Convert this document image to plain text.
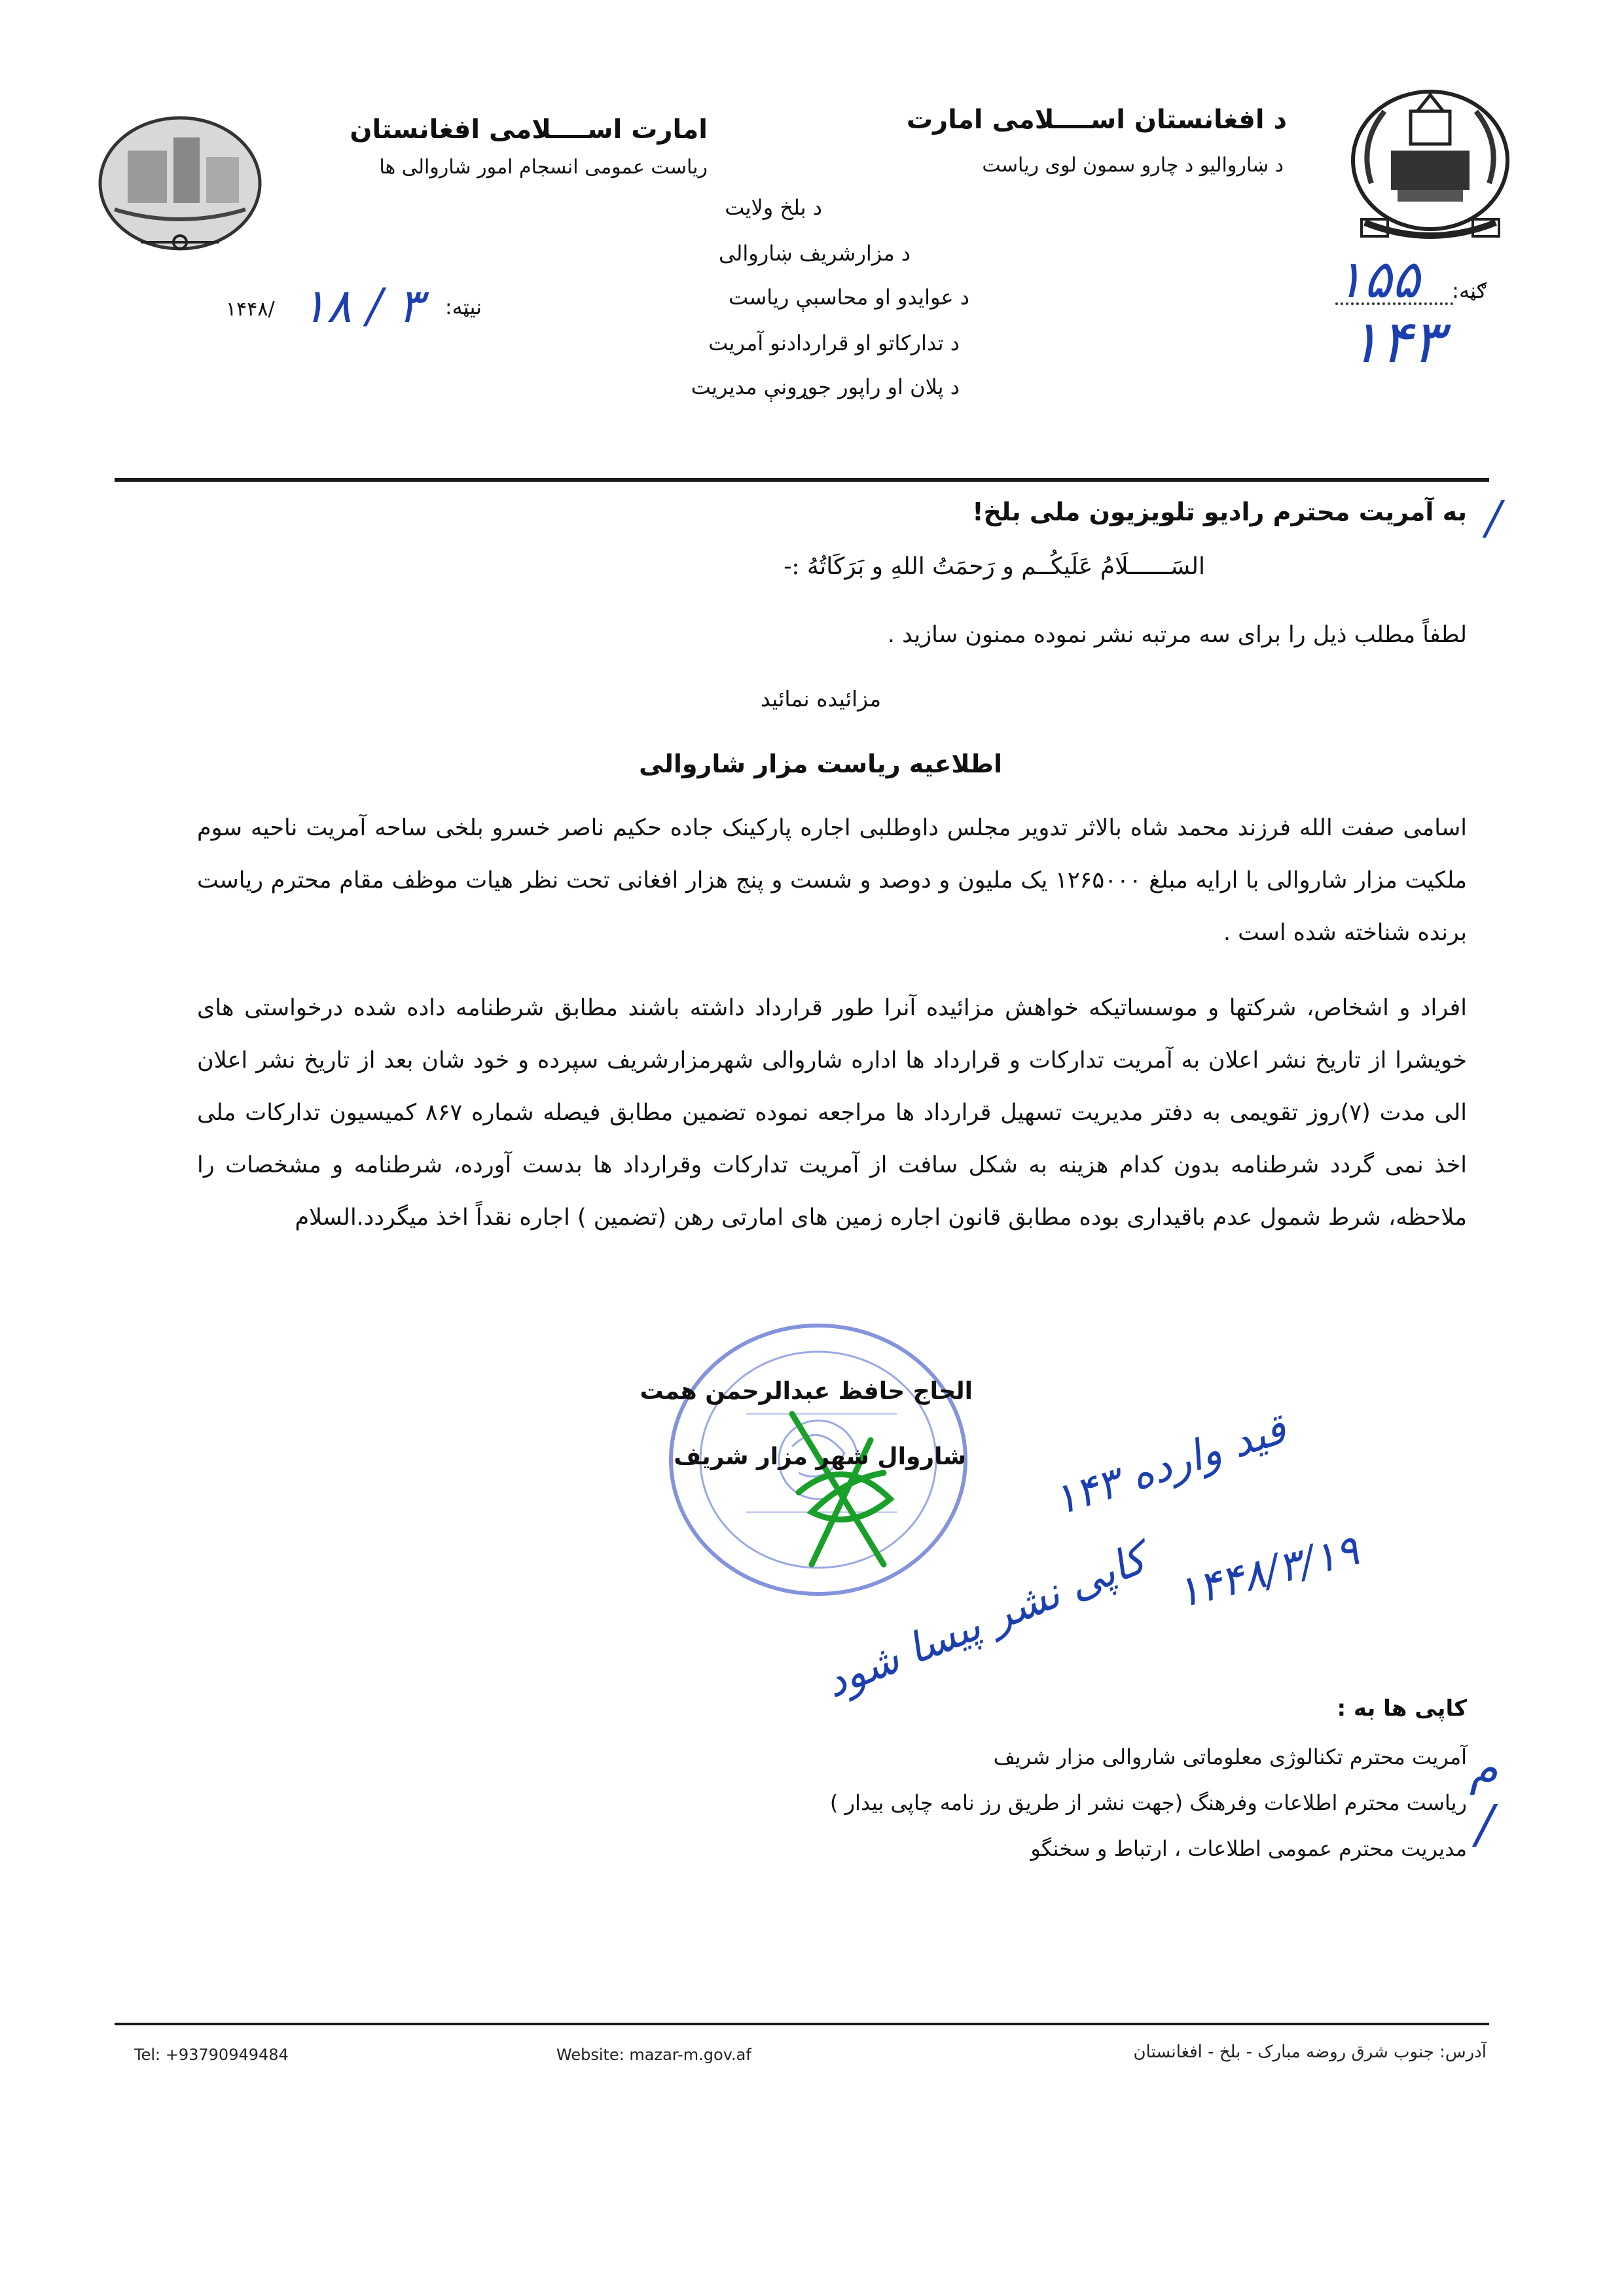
د افغانستان اســــلامی امارت
د ښاروالیو د چارو سمون لوی ریاست
امارت اســــلامی افغانستان
ریاست عمومی انسجام امور شاروالی ها
د بلخ ولایت
د مزارشریف ښاروالی
د عوایدو او محاسبې ریاست
د تدارکاتو او قراردادنو آمریت
د پلان او راپور جوړونې مدیریت
ګڼه:
۱۵۵
۱۴۳
نیټه:
۱۸ / ۳
۱۴۴۸/
/
به آمریت محترم رادیو تلویزیون ملی بلخ!
السَــــــلَامُ عَلَیکُــم و رَحمَتُ اللهِ و بَرَکَاتُهُ :-
لطفاً مطلب ذیل را برای سه مرتبه نشر نموده ممنون سازید .
مزائیده نمائید
اطلاعیه ریاست مزار شاروالی
اسامی صفت الله فرزند محمد شاه بالاثر تدویر مجلس داوطلبی اجاره پارکینک جاده حکیم ناصر خسرو بلخی ساحه آمریت ناحیه سوم ملکیت مزار شاروالی با ارایه مبلغ ۱۲۶۵۰۰۰ یک ملیون و دوصد و شست و پنج هزار افغانی تحت نظر هیات موظف مقام محترم ریاست برنده شناخته شده است .
افراد و اشخاص، شرکتها و موسساتیکه خواهش مزائیده آنرا طور قرارداد داشته باشند مطابق شرطنامه داده شده درخواستی های خویشرا از تاریخ نشر اعلان به آمریت تدارکات و قرارداد ها اداره شاروالی شهرمزارشریف سپرده و خود شان بعد از تاریخ نشر اعلان الی مدت (۷)روز تقویمی به دفتر مدیریت تسهیل قرارداد ها مراجعه نموده تضمین مطابق فیصله شماره ۸۶۷ کمیسیون تدارکات ملی اخذ نمی گردد شرطنامه بدون کدام هزینه به شکل سافت از آمریت تدارکات وقرارداد ها بدست آورده، شرطنامه و مشخصات را ملاحظه، شرط شمول عدم باقیداری بوده مطابق قانون اجاره زمین های امارتی رهن (تضمین ) اجاره نقداً اخذ میگردد.السلام
الحاج حافظ عبدالرحمن همت
شاروال شهر مزار شریف
قید وارده ۱۴۳
۱۴۴۸/۳/۱۹
کاپی نشر پیسا شود
کاپی ها به :
آمریت محترم تکنالوژی معلوماتی شاروالی مزار شریف
ریاست محترم اطلاعات وفرهنگ (جهت نشر از طریق رز نامه چاپی بیدار )
مدیریت محترم عمومی اطلاعات ، ارتباط و سخنگو
م
/
Tel: +93790949484	Website: mazar-m.gov.af	آدرس: جنوب شرق روضه مبارک - بلخ - افغانستان
